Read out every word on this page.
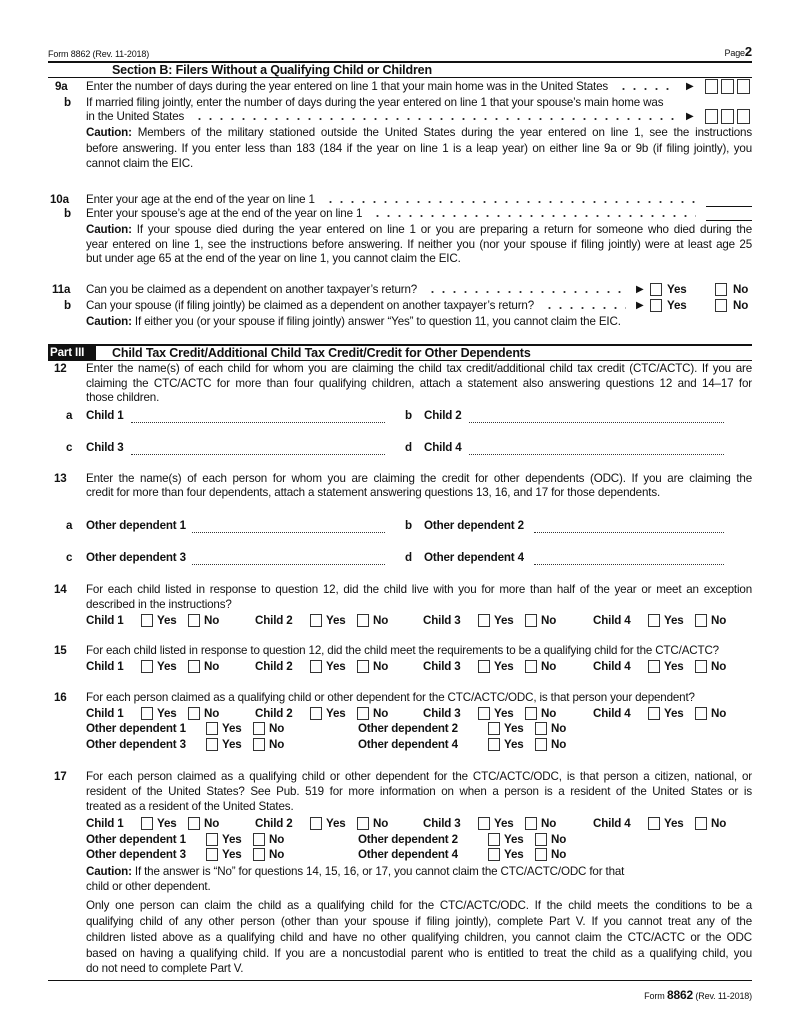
Form 8862 (Rev. 11-2018)	Page2
Section B: Filers Without a Qualifying Child or Children
9a Enter the number of days during the year entered on line 1 that your main home was in the United States	▶
b If married filing jointly, enter the number of days during the year entered on line 1 that your spouse’s main home was
in the United States	▶
Caution: Members of the military stationed outside the United States during the year entered on line 1, see the instructions
before answering. If you enter less than 183 (184 if the year on line 1 is a leap year) on either line 9a or 9b (if filing jointly), you
cannot claim the EIC.
10a Enter your age at the end of the year on line 1
b Enter your spouse’s age at the end of the year on line 1
Caution: If your spouse died during the year entered on line 1 or you are preparing a return for someone who died during the
year entered on line 1, see the instructions before answering. If neither you (nor your spouse if filing jointly) were at least age 25
but under age 65 at the end of the year on line 1, you cannot claim the EIC.
11a Can you be claimed as a dependent on another taxpayer’s return?	▶ Yes	No
b Can your spouse (if filing jointly) be claimed as a dependent on another taxpayer’s return?	▶ Yes	No
Caution: If either you (or your spouse if filing jointly) answer “Yes” to question 11, you cannot claim the EIC.
Part III	Child Tax Credit/Additional Child Tax Credit/Credit for Other Dependents
12 Enter the name(s) of each child for whom you are claiming the child tax credit/additional child tax credit (CTC/ACTC). If you are
claiming the CTC/ACTC for more than four qualifying children, attach a statement also answering questions 12 and 14–17 for
those children.
a Child 1	b Child 2
c Child 3	d Child 4
13 Enter the name(s) of each person for whom you are claiming the credit for other dependents (ODC). If you are claiming the
credit for more than four dependents, attach a statement answering questions 13, 16, and 17 for those dependents.
a Other dependent 1	b Other dependent 2
c Other dependent 3	d Other dependent 4
14 For each child listed in response to question 12, did the child live with you for more than half of the year or meet an exception
described in the instructions?
Child 1	Yes No	Child 2	Yes No	Child 3	Yes No	Child 4	Yes No
15 For each child listed in response to question 12, did the child meet the requirements to be a qualifying child for the CTC/ACTC?
Child 1	Yes No	Child 2	Yes No	Child 3	Yes No	Child 4	Yes No
16 For each person claimed as a qualifying child or other dependent for the CTC/ACTC/ODC, is that person your dependent?
Child 1	Yes No	Child 2	Yes No	Child 3	Yes No	Child 4	Yes No
Other dependent 1	Yes No	Other dependent 2	Yes No
Other dependent 3	Yes No	Other dependent 4	Yes No
17 For each person claimed as a qualifying child or other dependent for the CTC/ACTC/ODC, is that person a citizen, national, or
resident of the United States? See Pub. 519 for more information on when a person is a resident of the United States or is
treated as a resident of the United States.
Child 1	Yes No	Child 2	Yes No	Child 3	Yes No	Child 4	Yes No
Other dependent 1	Yes No	Other dependent 2	Yes No
Other dependent 3	Yes No	Other dependent 4	Yes No
Caution: If the answer is “No” for questions 14, 15, 16, or 17, you cannot claim the CTC/ACTC/ODC for that
child or other dependent.
Only one person can claim the child as a qualifying child for the CTC/ACTC/ODC. If the child meets the conditions to be a
qualifying child of any other person (other than your spouse if filing jointly), complete Part V. If you cannot treat any of the
children listed above as a qualifying child and have no other qualifying children, you cannot claim the CTC/ACTC or the ODC
based on having a qualifying child. If you are a noncustodial parent who is entitled to treat the child as a qualifying child, you
do not need to complete Part V.
Form 8862 (Rev. 11-2018)
